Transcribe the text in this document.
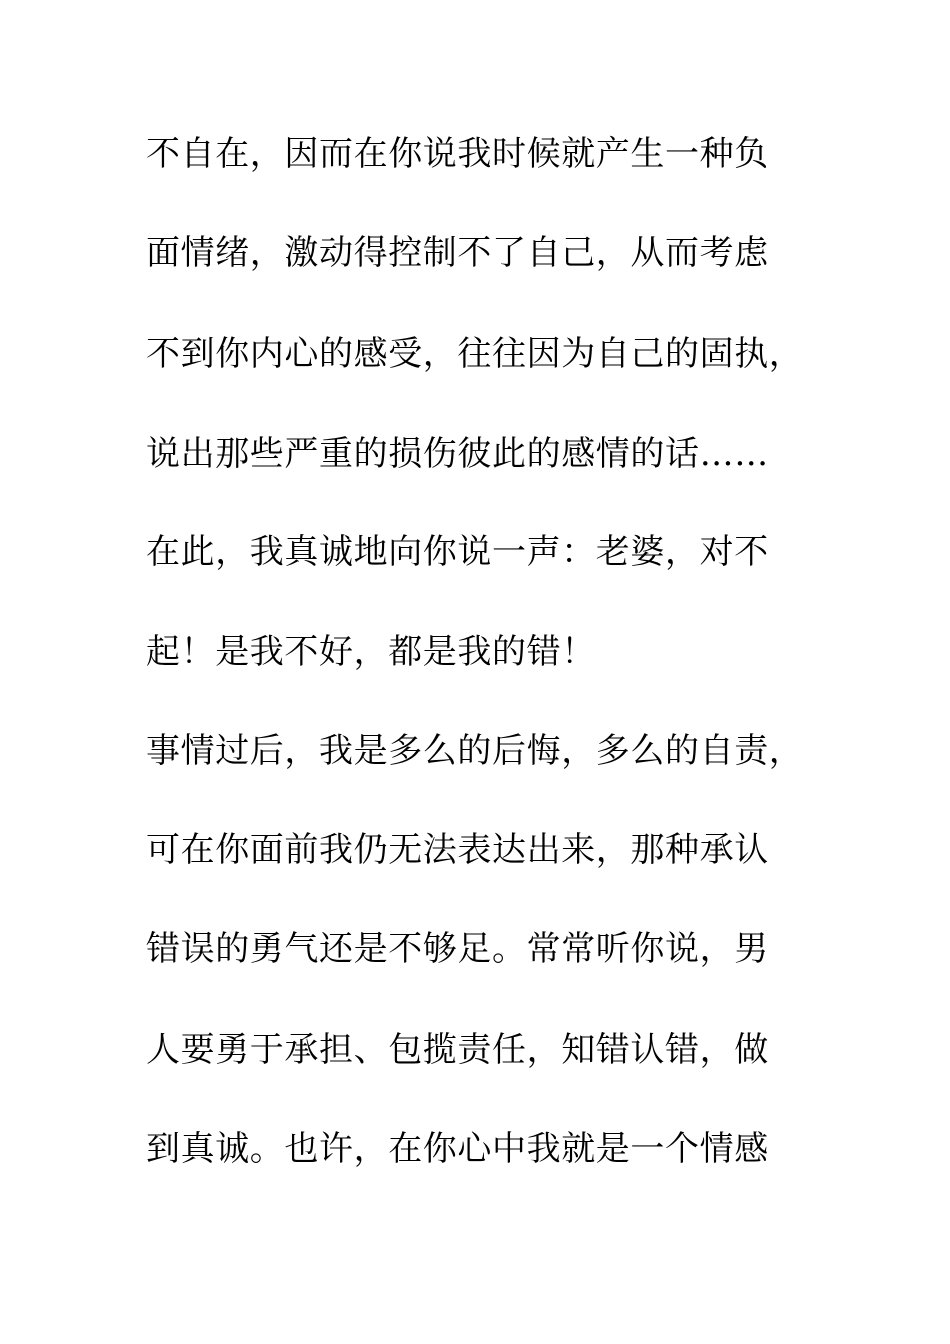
不自在，因而在你说我时候就产生一种负
面情绪，激动得控制不了自己，从而考虑
不到你内心的感受，往往因为自己的固执，
说出那些严重的损伤彼此的感情的话……
在此，我真诚地向你说一声：老婆，对不
起！是我不好，都是我的错！
事情过后，我是多么的后悔，多么的自责，
可在你面前我仍无法表达出来，那种承认
错误的勇气还是不够足。常常听你说，男
人要勇于承担、包揽责任，知错认错，做
到真诚。也许，在你心中我就是一个情感
